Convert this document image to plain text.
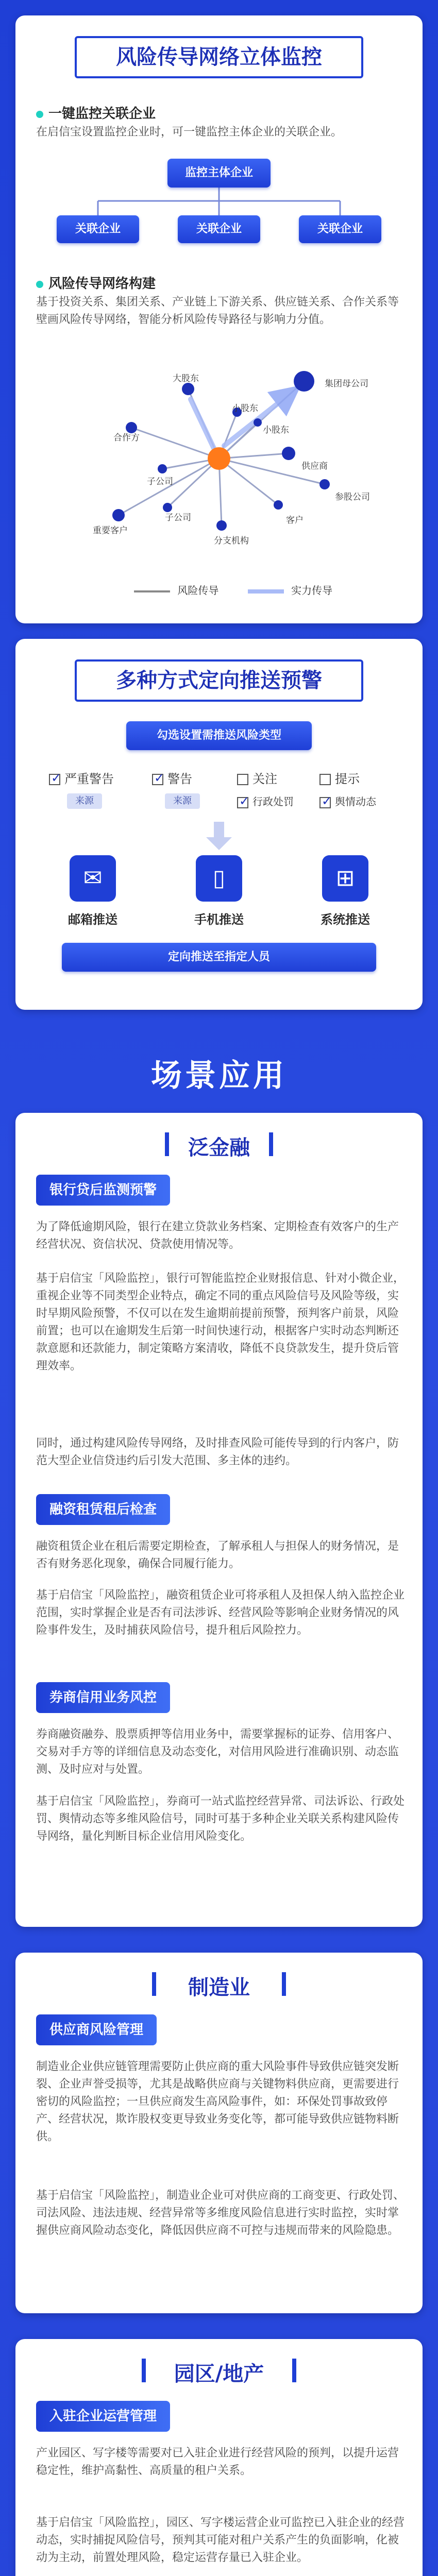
风险传导网络立体监控
一键监控关联企业
在启信宝设置监控企业时，可一键监控主体企业的关联企业。
监控主体企业
关联企业	关联企业	关联企业
风险传导网络构建
基于投资关系、集团关系、产业链上下游关系、供应链关系、合作关系等壁画风险传导网络，智能分析风险传导路径与影响力分值。
大股东	集团母公司
小股东
小股东
合作方
子公司
供应商
子公司
参股公司
客户
重要客户
分支机构
风险传导	实力传导
多种方式定向推送预警
勾选设置需推送风险类型
✓严重警告 ✓	警告	关注	提示
来源	来源 ✓	行政处罚 ✓	舆情动态
✉
邮箱推送
▯
手机推送
⊞
系统推送
定向推送至指定人员
场景应用
泛金融
银行贷后监测预警
为了降低逾期风险，银行在建立贷款业务档案、定期检查有效客户的生产经营状况、资信状况、贷款使用情况等。
基于启信宝「风险监控」，银行可智能监控企业财报信息、针对小微企业，重视企业等不同类型企业特点，确定不同的重点风险信号及风险等级，实时早期风险预警，不仅可以在发生逾期前提前预警，预判客户前景，风险前置；也可以在逾期发生后第一时间快速行动，根据客户实时动态判断还款意愿和还款能力，制定策略方案清收，降低不良贷款发生，提升贷后管理效率。
同时，通过构建风险传导网络，及时排查风险可能传导到的行内客户，防范大型企业信贷违约后引发大范围、多主体的违约。
融资租赁租后检查
融资租赁企业在租后需要定期检查，了解承租人与担保人的财务情况，是否有财务恶化现象，确保合同履行能力。
基于启信宝「风险监控」，融资租赁企业可将承租人及担保人纳入监控企业范围，实时掌握企业是否有司法涉诉、经营风险等影响企业财务情况的风险事件发生，及时捕获风险信号，提升租后风险控力。
券商信用业务风控
券商融资融券、股票质押等信用业务中，需要掌握标的证券、信用客户、交易对手方等的详细信息及动态变化，对信用风险进行准确识别、动态监测、及时应对与处置。
基于启信宝「风险监控」，券商可一站式监控经营异常、司法诉讼、行政处罚、舆情动态等多维风险信号，同时可基于多种企业关联关系构建风险传导网络，量化判断目标企业信用风险变化。
制造业
供应商风险管理
制造业企业供应链管理需要防止供应商的重大风险事件导致供应链突发断裂、企业声誉受损等，尤其是战略供应商与关键物料供应商，更需要进行密切的风险监控；一旦供应商发生高风险事件，如：环保处罚事故致停产、经营状况，欺诈股权变更导致业务变化等，都可能导致供应链物料断供。
基于启信宝「风险监控」，制造业企业可对供应商的工商变更、行政处罚、司法风险、违法违规、经营异常等多维度风险信息进行实时监控，实时掌握供应商风险动态变化，降低因供应商不可控与违规而带来的风险隐患。
园区/地产
入驻企业运营管理
产业园区、写字楼等需要对已入驻企业进行经营风险的预判，以提升运营稳定性，维护高黏性、高质量的租户关系。
基于启信宝「风险监控」，园区、写字楼运营企业可监控已入驻企业的经营动态，实时捕捉风险信号，预判其可能对租户关系产生的负面影响，化被动为主动，前置处理风险，稳定运营存量已入驻企业。
